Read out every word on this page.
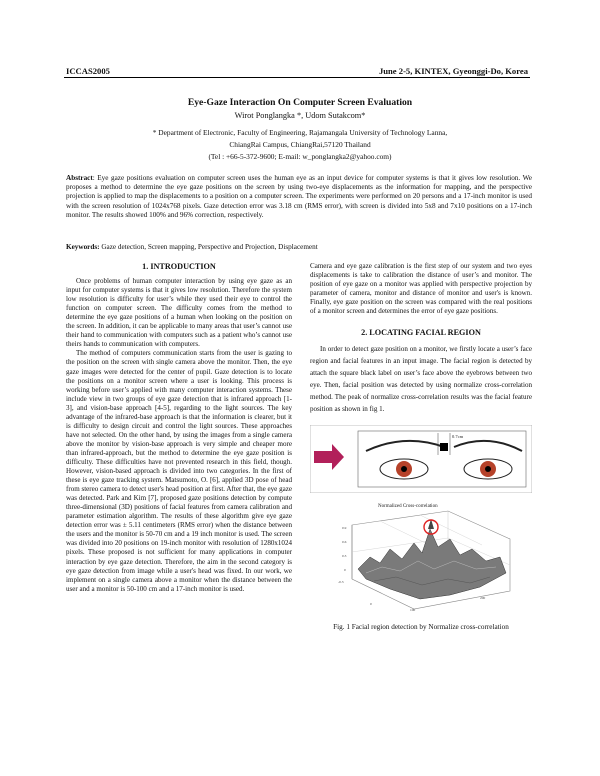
ICCAS2005	June 2-5, KINTEX, Gyeonggi-Do, Korea
Eye-Gaze Interaction On Computer Screen Evaluation
Wirot Ponglangka *, Udom Sutakcom*
* Department of Electronic, Faculty of Engineering, Rajamangala University of Technology Lanna,
ChiangRai Campus, ChiangRai,57120 Thailand
(Tel : +66-5-372-9600; E-mail: w_ponglangka2@yahoo.com)
Abstract: Eye gaze positions evaluation on computer screen uses the human eye as an input device for computer systems is that it gives low resolution. We proposes a method to determine the eye gaze positions on the screen by using two-eye displacements as the information for mapping, and the perspective projection is applied to map the displacements to a position on a computer screen. The experiments were performed on 20 persons and a 17-inch monitor is used with the screen resolution of 1024x768 pixels. Gaze detection error was 3.18 cm (RMS error), with screen is divided into 5x8 and 7x10 positions on a 17-inch monitor. The results showed 100% and 96% correction, respectively.
Keywords: Gaze detection, Screen mapping, Perspective and Projection, Displacement
1. INTRODUCTION

Once problems of human computer interaction by using eye gaze as an input for computer systems is that it gives low resolution. Therefore the system low resolution is difficulty for user’s while they used their eye to control the function on computer screen. The difficulty comes from the method to determine the eye gaze positions of a human when looking on the position on the screen. In addition, it can be applicable to many areas that user’s cannot use their hand to communication with computers such as a patient who’s cannot use theirs hands to communication with computers.

The method of computers communication starts from the user is gazing to the position on the screen with single camera above the monitor. Then, the eye gaze images were detected for the center of pupil. Gaze detection is to locate the positions on a monitor screen where a user is looking. This process is working before user’s applied with many computer interaction systems. These include view in two groups of eye gaze detection that is infrared approach [1-3], and vision-base approach [4-5], regarding to the light sources. The key advantage of the infrared-base approach is that the information is clearer, but it is difficulty to design circuit and control the light sources. These approaches have not selected. On the other hand, by using the images from a single camera above the monitor by vision-base approach is very simple and cheaper more than infrared-approach, but the method to determine the eye gaze position is difficulty. These difficulties have not prevented research in this field, though. However, vision-based approach is divided into two categories. In the first of these is eye gaze tracking system. Matsumoto, O. [6], applied 3D pose of head from stereo camera to detect user's head position at first. After that, the eye gaze was detected. Park and Kim [7], proposed gaze positions detection by compute three-dimensional (3D) positions of facial features from camera calibration and parameter estimation algorithm. The results of these algorithm give eye gaze detection error was ± 5.11 centimeters (RMS error) when the distance between the users and the monitor is 50-70 cm and a 19 inch monitor is used. The screen was divided into 20 positions on 19-inch monitor with resolution of 1280x1024 pixels. These proposed is not sufficient for many applications in computer interaction by eye gaze detection. Therefore, the aim in the second category is eye gaze detection from image while a user's head was fixed. In our work, we implement on a single camera above a monitor when the distance between the user and a monitor is 50-100 cm and a 17-inch monitor is used.

Camera and eye gaze calibration is the first step of our system and two eyes displacements is take to calibration the distance of user’s and monitor. The position of eye gaze on a monitor was applied with perspective projection by parameter of camera, monitor and distance of monitor and user's is known. Finally, eye gaze position on the screen was compared with the real positions of a monitor screen and determines the error of eye gaze positions.

2. LOCATING FACIAL REGION

In order to detect gaze position on a monitor, we firstly locate a user’s face region and facial features in an input image. The facial region is detected by attach the square black label on user’s face above the eyebrows between two eye. Then, facial position was detected by using normalize cross-correlation method. The peak of normalize cross-correlation results was the facial feature position as shown in fig 1.

0.7cm
Normalized Cross-correlation
0.9
0.6
0.3
0
-0.3
0
100
200
Fig. 1 Facial region detection by Normalize cross-correlation
